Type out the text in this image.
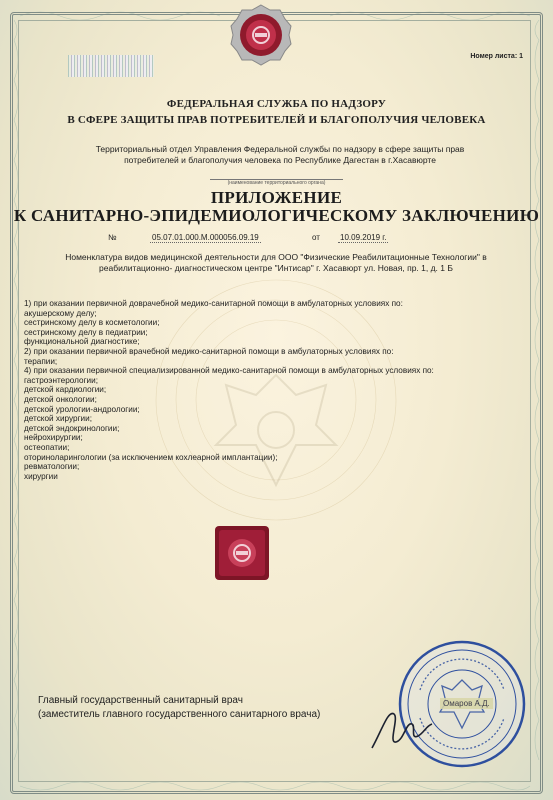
Номер листа: 1
ФЕДЕРАЛЬНАЯ СЛУЖБА ПО НАДЗОРУ
В СФЕРЕ ЗАЩИТЫ ПРАВ ПОТРЕБИТЕЛЕЙ И БЛАГОПОЛУЧИЯ ЧЕЛОВЕКА
Территориальный отдел Управления Федеральной службы по надзору в сфере защиты прав
потребителей и благополучия человека по Республике Дагестан в г.Хасавюрте
(наименование территориального органа)
ПРИЛОЖЕНИЕ
К САНИТАРНО-ЭПИДЕМИОЛОГИЧЕСКОМУ ЗАКЛЮЧЕНИЮ
№	05.07.01.000.М.000056.09.19	от	10.09.2019 г.
Номенклатура видов медицинской деятельности для ООО "Физические Реабилитационные Технологии" в
реабилитационно- диагностическом центре "Интисар" г. Хасавюрт ул. Новая, пр. 1, д. 1 Б
1) при оказании первичной доврачебной медико-санитарной помощи в амбулаторных условиях по:
акушерскому делу;
сестринскому делу в косметологии;
сестринскому делу в педиатрии;
функциональной диагностике;
2) при оказании первичной врачебной медико-санитарной помощи в амбулаторных условиях по:
терапии;
4) при оказании первичной специализированной медико-санитарной помощи в амбулаторных условиях по:
гастроэнтерологии;
детской кардиологии;
детской онкологии;
детской урологии-андрологии;
детской хирургии;
детской эндокринологии;
нейрохирургии;
остеопатии;
оториноларингологии (за исключением кохлеарной имплантации);
ревматологии;
хирургии
Главный государственный санитарный врач
(заместитель главного государственного санитарного врача)
Омаров А.Д.
